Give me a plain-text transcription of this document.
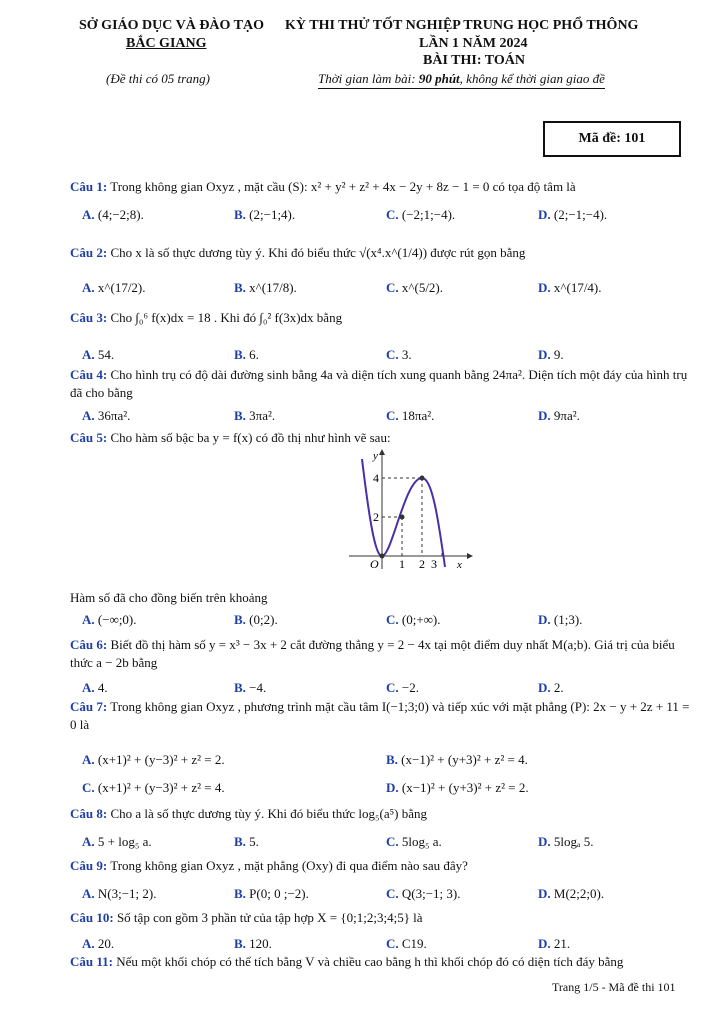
SỞ GIÁO DỤC VÀ ĐÀO TẠO
BẮC GIANG
(Đề thi có 05 trang)
KỲ THI THỬ TỐT NGHIỆP TRUNG HỌC PHỔ THÔNG
LẦN 1 NĂM 2024
BÀI THI: TOÁN
Thời gian làm bài: 90 phút, không kể thời gian giao đề
Mã đề: 101
Câu 1: Trong không gian Oxyz , mặt cầu (S): x² + y² + z² + 4x − 2y + 8z − 1 = 0 có tọa độ tâm là
A. (4;−2;8).	B. (2;−1;4).	C. (−2;1;−4).	D. (2;−1;−4).
Câu 2: Cho x là số thực dương tùy ý. Khi đó biểu thức √(x⁴.x^(1/4)) được rút gọn bằng
A. x^(17/2).	B. x^(17/8).	C. x^(5/2).	D. x^(17/4).
Câu 3: Cho ∫₀⁶ f(x)dx = 18 . Khi đó ∫₀² f(3x)dx bằng
A. 54.	B. 6.	C. 3.	D. 9.
Câu 4: Cho hình trụ có độ dài đường sinh bằng 4a và diện tích xung quanh bằng 24πa². Diện tích một đáy của hình trụ đã cho bằng
A. 36πa².	B. 3πa².	C. 18πa².	D. 9πa².
Câu 5: Cho hàm số bậc ba y = f(x) có đồ thị như hình vẽ sau:
y
x
O
2
4
1 2 3
Hàm số đã cho đồng biến trên khoảng
A. (−∞;0).	B. (0;2).	C. (0;+∞).	D. (1;3).
Câu 6: Biết đồ thị hàm số y = x³ − 3x + 2 cắt đường thẳng y = 2 − 4x tại một điểm duy nhất M(a;b). Giá trị của biểu thức a − 2b bằng
A. 4.	B. −4.	C. −2.	D. 2.
Câu 7: Trong không gian Oxyz , phương trình mặt cầu tâm I(−1;3;0) và tiếp xúc với mặt phẳng (P): 2x − y + 2z + 11 = 0 là
A. (x+1)² + (y−3)² + z² = 2.	B. (x−1)² + (y+3)² + z² = 4.
C. (x+1)² + (y−3)² + z² = 4.	D. (x−1)² + (y+3)² + z² = 2.
Câu 8: Cho a là số thực dương tùy ý. Khi đó biểu thức log₅(a⁵) bằng
A. 5 + log₅ a.	B. 5.	C. 5log₅ a.	D. 5logₐ 5.
Câu 9: Trong không gian Oxyz , mặt phẳng (Oxy) đi qua điểm nào sau đây?
A. N(3;−1; 2).	B. P(0; 0 ;−2).	C. Q(3;−1; 3).	D. M(2;2;0).
Câu 10: Số tập con gồm 3 phần tử của tập hợp X = {0;1;2;3;4;5} là
A. 20.	B. 120.	C. C19.	D. 21.
Câu 11: Nếu một khối chóp có thể tích bằng V và chiều cao bằng h thì khối chóp đó có diện tích đáy bằng
Trang 1/5 - Mã đề thi 101
